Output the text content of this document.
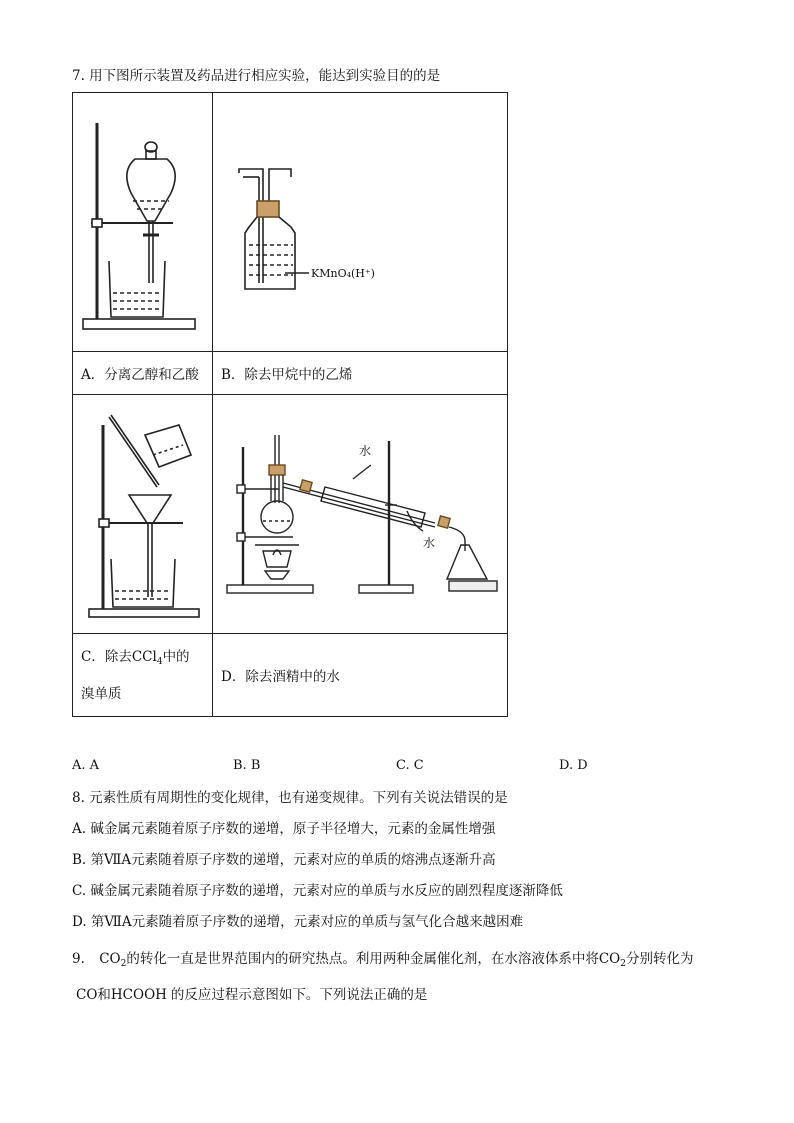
7. 用下图所示装置及药品进行相应实验，能达到实验目的的是

KMnO₄(H⁺)

A．分离乙醇和乙酸	B．除去甲烷中的乙烯

水
水

C．除去CCl$_4$中的
溴单质	D．除去酒精中的水
A. A	B. B	C. C	D. D
8. 元素性质有周期性的变化规律，也有递变规律。下列有关说法错误的是
A. 碱金属元素随着原子序数的递增，原子半径增大，元素的金属性增强
B. 第ⅦA元素随着原子序数的递增，元素对应的单质的熔沸点逐渐升高
C. 碱金属元素随着原子序数的递增，元素对应的单质与水反应的剧烈程度逐渐降低
D. 第ⅦA元素随着原子序数的递增，元素对应的单质与氢气化合越来越困难
9. $CO_2$的转化一直是世界范围内的研究热点。利用两种金属催化剂，在水溶液体系中将$CO_2$分别转化为
CO和HCOOH 的反应过程示意图如下。下列说法正确的是
